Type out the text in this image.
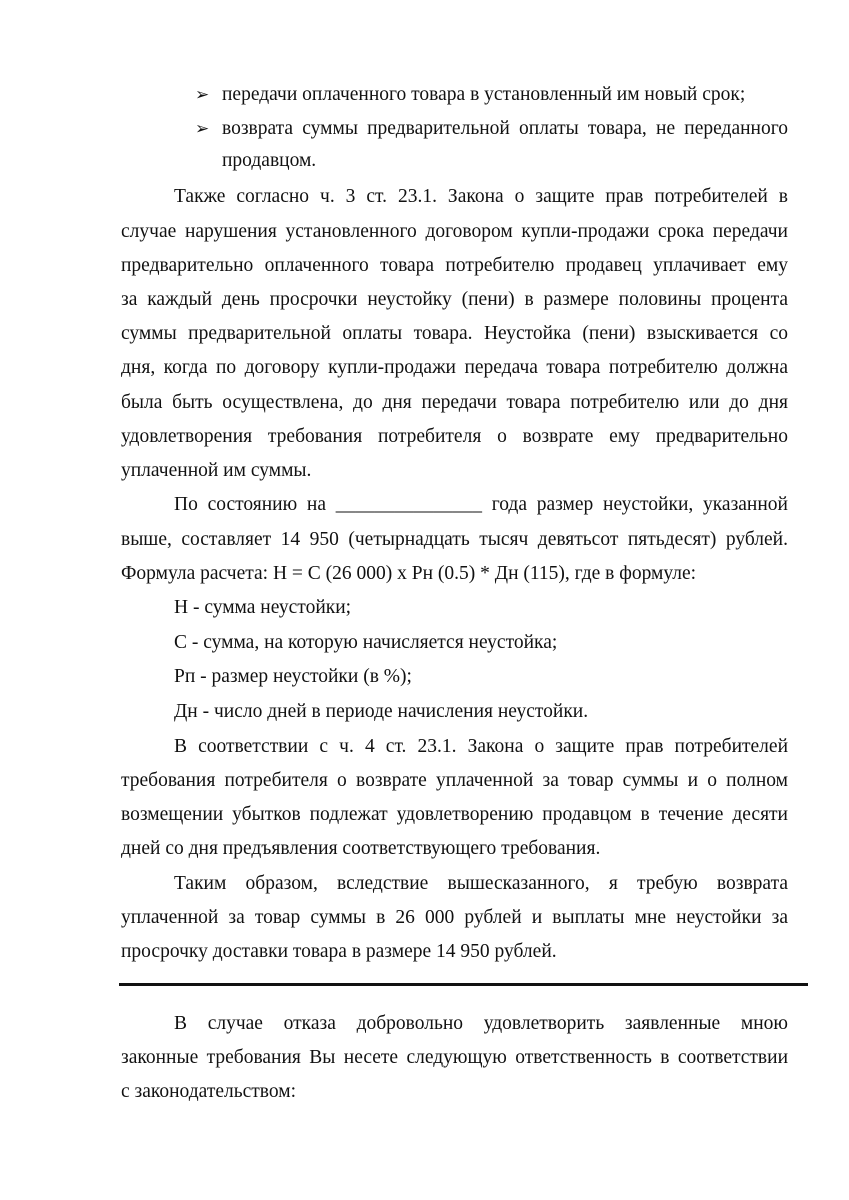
➢ передачи оплаченного товара в установленный им новый срок;
➢ возврата суммы предварительной оплаты товара, не переданного
продавцом.
Также согласно ч. 3 ст. 23.1. Закона о защите прав потребителей в
случае нарушения установленного договором купли-продажи срока передачи
предварительно оплаченного товара потребителю продавец уплачивает ему
за каждый день просрочки неустойку (пени) в размере половины процента
суммы предварительной оплаты товара. Неустойка (пени) взыскивается со
дня, когда по договору купли-продажи передача товара потребителю должна
была быть осуществлена, до дня передачи товара потребителю или до дня
удовлетворения требования потребителя о возврате ему предварительно
уплаченной им суммы.
По состоянию на _______________ года размер неустойки, указанной
выше, составляет 14 950 (четырнадцать тысяч девятьсот пятьдесят) рублей.
Формула расчета: Н = С (26 000) х Рн (0.5) * Дн (115), где в формуле:
Н - сумма неустойки;
С - сумма, на которую начисляется неустойка;
Рп - размер неустойки (в %);
Дн - число дней в периоде начисления неустойки.
В соответствии с ч. 4 ст. 23.1. Закона о защите прав потребителей
требования потребителя о возврате уплаченной за товар суммы и о полном
возмещении убытков подлежат удовлетворению продавцом в течение десяти
дней со дня предъявления соответствующего требования.
Таким образом, вследствие вышесказанного, я требую возврата
уплаченной за товар суммы в 26 000 рублей и выплаты мне неустойки за
просрочку доставки товара в размере 14 950 рублей.
В случае отказа добровольно удовлетворить заявленные мною
законные требования Вы несете следующую ответственность в соответствии
с законодательством:
